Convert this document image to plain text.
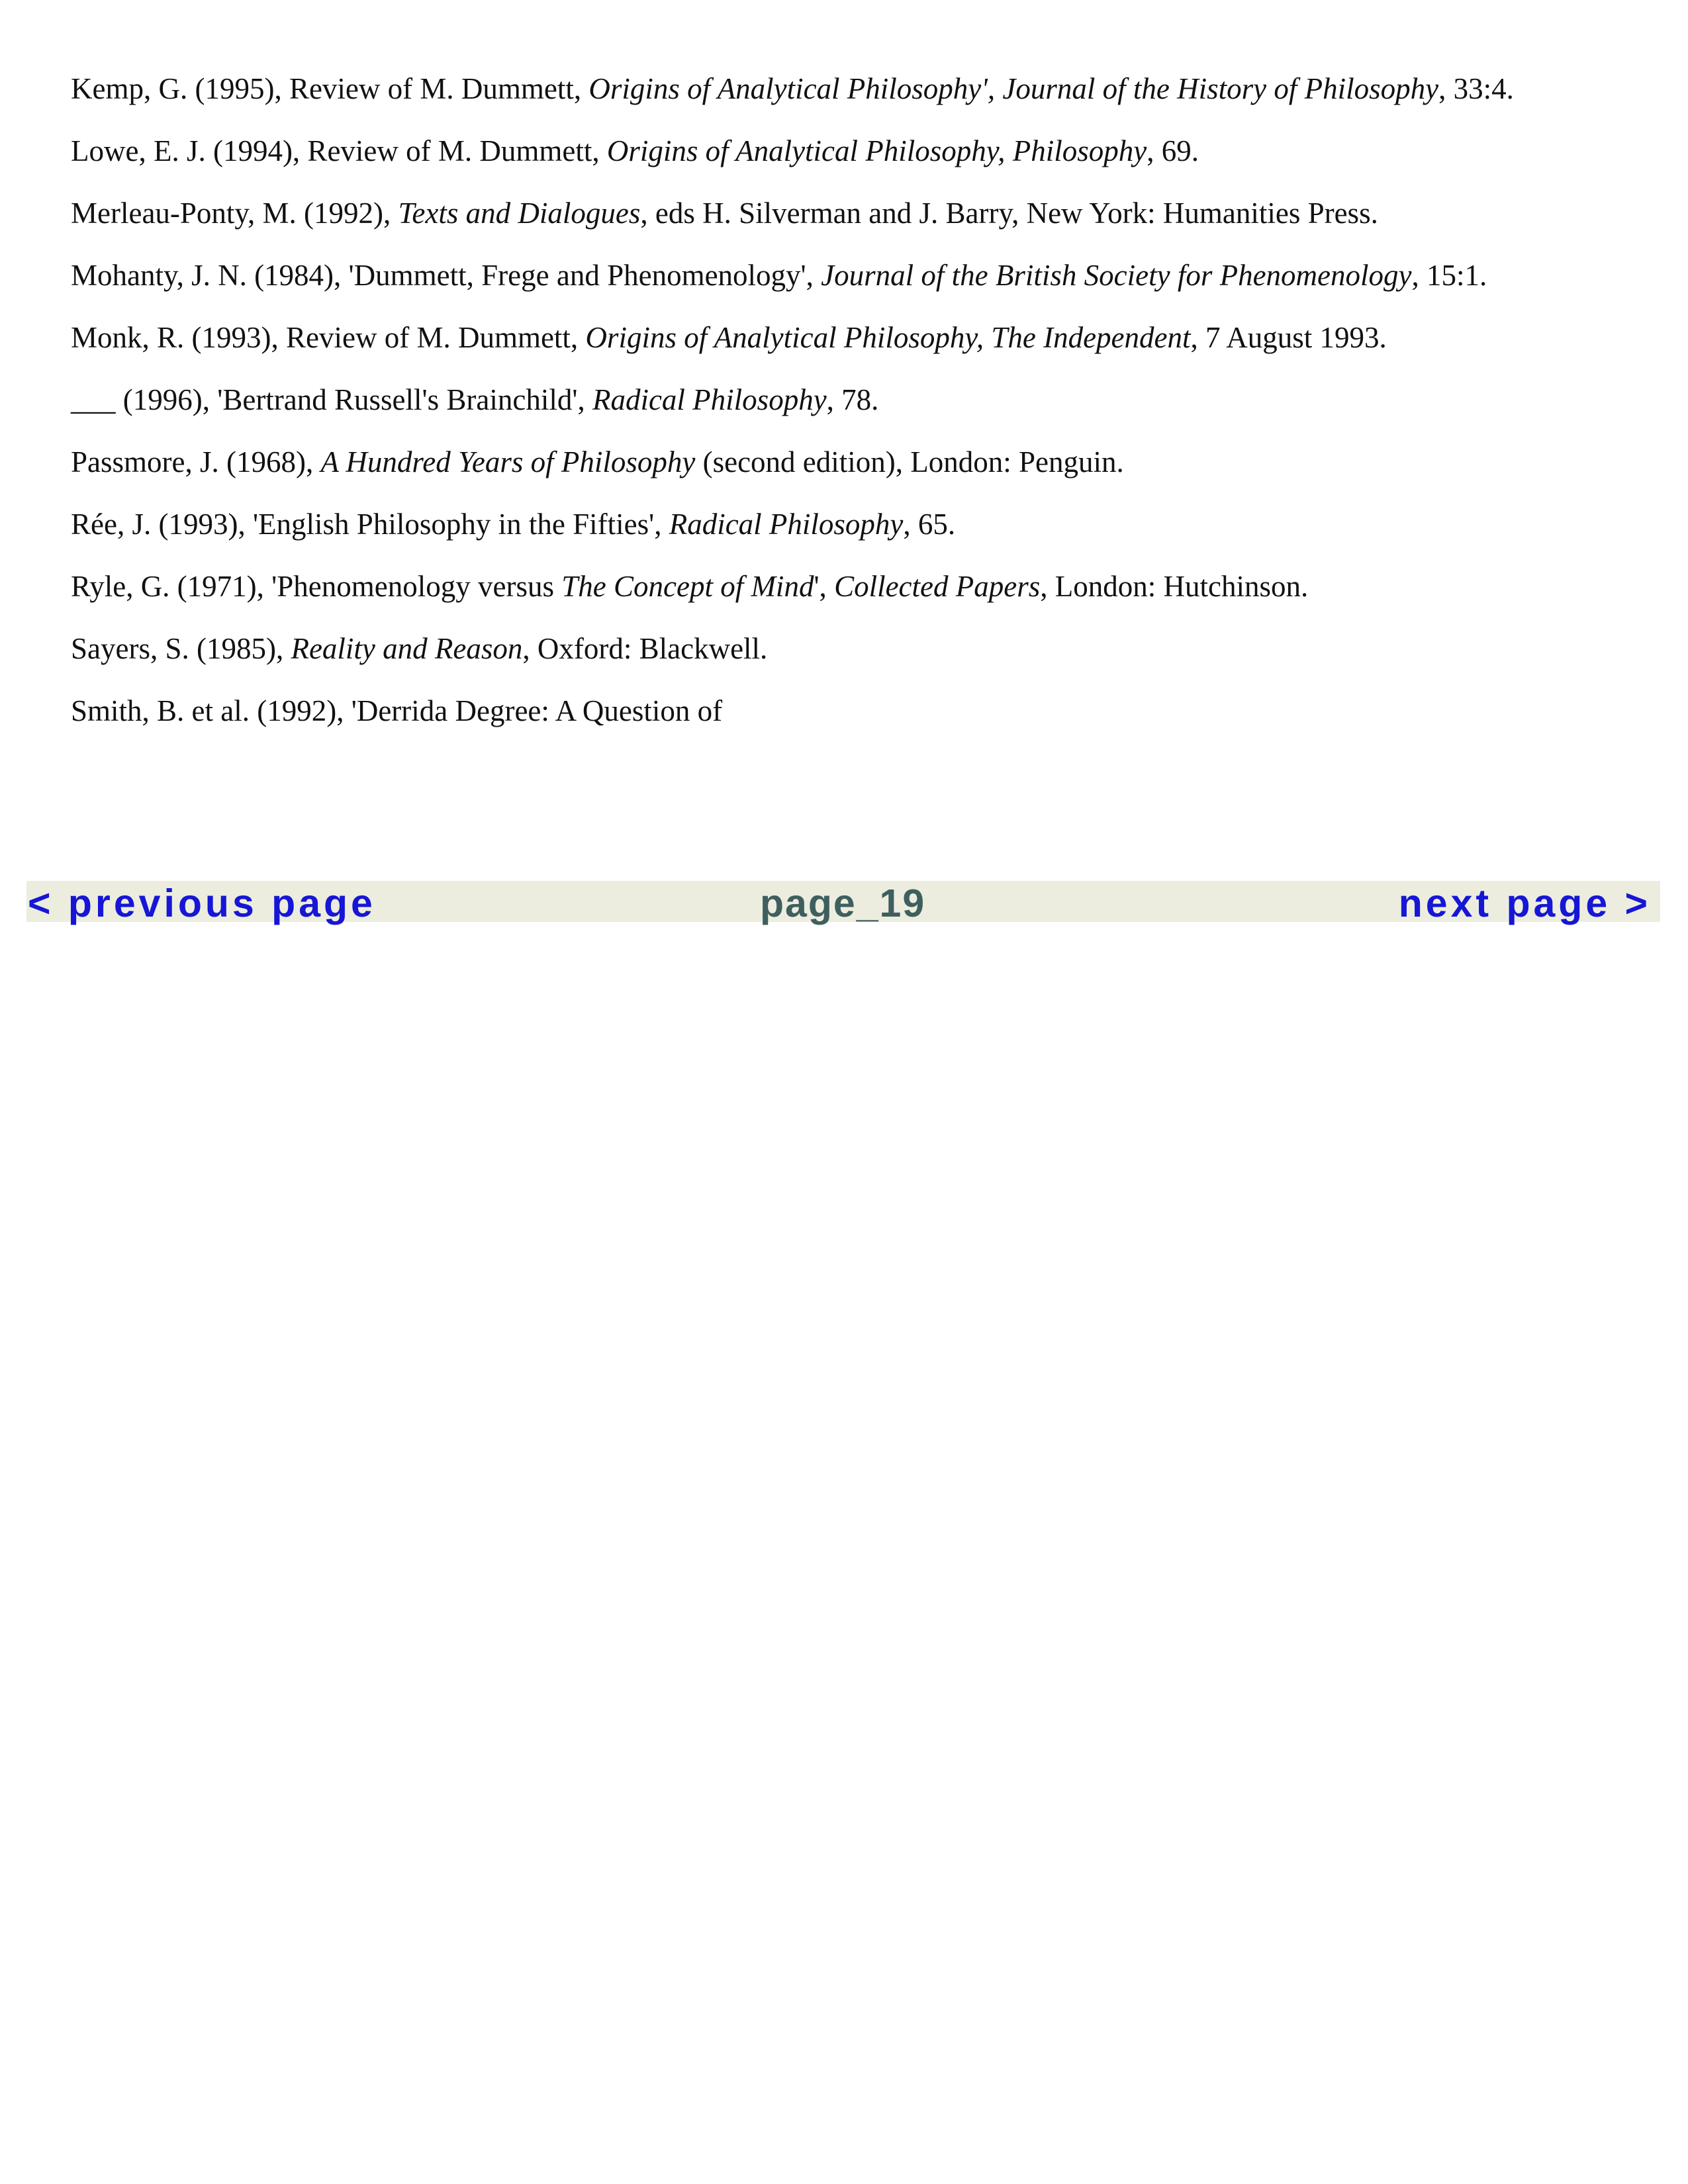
Kemp, G. (1995), Review of M. Dummett, Origins of Analytical Philosophy', Journal of the History of Philosophy, 33:4.

Lowe, E. J. (1994), Review of M. Dummett, Origins of Analytical Philosophy, Philosophy, 69.

Merleau-Ponty, M. (1992), Texts and Dialogues, eds H. Silverman and J. Barry, New York: Humanities Press.

Mohanty, J. N. (1984), 'Dummett, Frege and Phenomenology', Journal of the British Society for Phenomenology, 15:1.

Monk, R. (1993), Review of M. Dummett, Origins of Analytical Philosophy, The Independent, 7 August 1993.

___ (1996), 'Bertrand Russell's Brainchild', Radical Philosophy, 78.

Passmore, J. (1968), A Hundred Years of Philosophy (second edition), London: Penguin.

Rée, J. (1993), 'English Philosophy in the Fifties', Radical Philosophy, 65.

Ryle, G. (1971), 'Phenomenology versus The Concept of Mind', Collected Papers, London: Hutchinson.

Sayers, S. (1985), Reality and Reason, Oxford: Blackwell.

Smith, B. et al. (1992), 'Derrida Degree: A Question of

< previous page	page_19	next page >
